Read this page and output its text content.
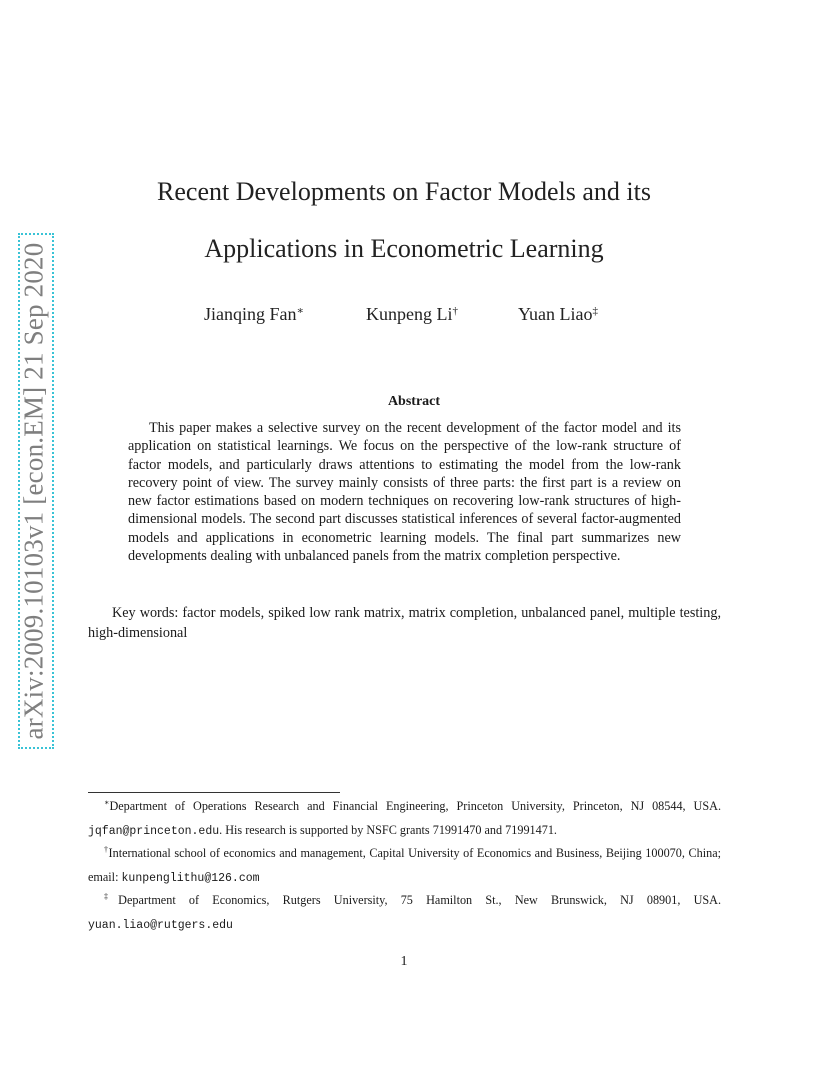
arXiv:2009.10103v1 [econ.EM] 21 Sep 2020
Recent Developments on Factor Models and its
Applications in Econometric Learning
Jianqing Fan∗	Kunpeng Li†	Yuan Liao‡
Abstract

This paper makes a selective survey on the recent development of the factor model and its application on statistical learnings. We focus on the perspective of the low-rank structure of factor models, and particularly draws attentions to estimating the model from the low-rank recovery point of view. The survey mainly consists of three parts: the first part is a review on new factor estimations based on modern techniques on recovering low-rank structures of high-dimensional models. The second part discusses statistical inferences of several factor-augmented models and applications in econometric learning models. The final part summarizes new developments dealing with unbalanced panels from the matrix completion perspective.

Key words: factor models, spiked low rank matrix, matrix completion, unbalanced panel, multiple testing, high-dimensional

∗Department of Operations Research and Financial Engineering, Princeton University, Princeton, NJ 08544, USA. jqfan@princeton.edu. His research is supported by NSFC grants 71991470 and 71991471.

†International school of economics and management, Capital University of Economics and Business, Beijing 100070, China; email: kunpenglithu@126.com

‡Department of Economics, Rutgers University, 75 Hamilton St., New Brunswick, NJ 08901, USA. yuan.liao@rutgers.edu

1
